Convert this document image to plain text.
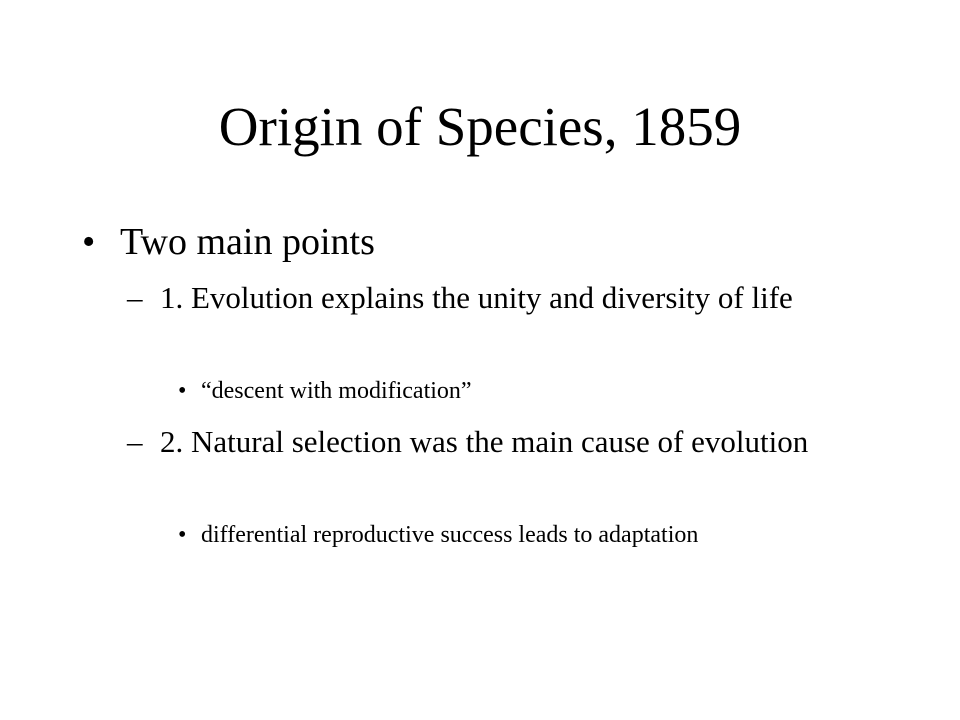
Origin of Species, 1859
• Two main points
– 1. Evolution explains the unity and diversity of life
• “descent with modification”
– 2. Natural selection was the main cause of evolution
• differential reproductive success leads to adaptation
